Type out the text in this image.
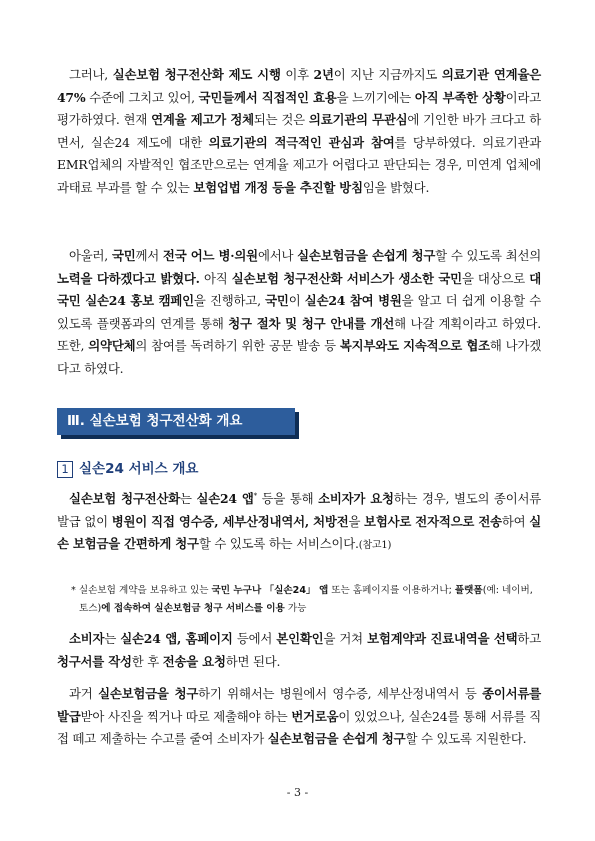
그러나, 실손보험 청구전산화 제도 시행 이후 2년이 지난 지금까지도 의료기관 연계율은 47% 수준에 그치고 있어, 국민들께서 직접적인 효용을 느끼기에는 아직 부족한 상황이라고 평가하였다. 현재 연계율 제고가 정체되는 것은 의료기관의 무관심에 기인한 바가 크다고 하면서, 실손24 제도에 대한 의료기관의 적극적인 관심과 참여를 당부하였다. 의료기관과 EMR업체의 자발적인 협조만으로는 연계율 제고가 어렵다고 판단되는 경우, 미연계 업체에 과태료 부과를 할 수 있는 보험업법 개정 등을 추진할 방침임을 밝혔다.

아울러, 국민께서 전국 어느 병·의원에서나 실손보험금을 손쉽게 청구할 수 있도록 최선의 노력을 다하겠다고 밝혔다. 아직 실손보험 청구전산화 서비스가 생소한 국민을 대상으로 대국민 실손24 홍보 캠페인을 진행하고, 국민이 실손24 참여 병원을 알고 더 쉽게 이용할 수 있도록 플랫폼과의 연계를 통해 청구 절차 및 청구 안내를 개선해 나갈 계획이라고 하였다. 또한, 의약단체의 참여를 독려하기 위한 공문 발송 등 복지부와도 지속적으로 협조해 나가겠다고 하였다.

Ⅲ. 실손보험 청구전산화 개요
1 실손24 서비스 개요

실손보험 청구전산화는 실손24 앱* 등을 통해 소비자가 요청하는 경우, 별도의 종이서류 발급 없이 병원이 직접 영수증, 세부산정내역서, 처방전을 보험사로 전자적으로 전송하여 실손 보험금을 간편하게 청구할 수 있도록 하는 서비스이다.(참고1)

* 실손보험 계약을 보유하고 있는 국민 누구나 「실손24」 앱 또는 홈페이지를 이용하거나; 플랫폼(예: 네이버, 토스)에 접속하여 실손보험금 청구 서비스를 이용 가능

소비자는 실손24 앱, 홈페이지 등에서 본인확인을 거쳐 보험계약과 진료내역을 선택하고 청구서를 작성한 후 전송을 요청하면 된다.

과거 실손보험금을 청구하기 위해서는 병원에서 영수증, 세부산정내역서 등 종이서류를 발급받아 사진을 찍거나 따로 제출해야 하는 번거로움이 있었으나, 실손24를 통해 서류를 직접 떼고 제출하는 수고를 줄여 소비자가 실손보험금을 손쉽게 청구할 수 있도록 지원한다.

- 3 -
